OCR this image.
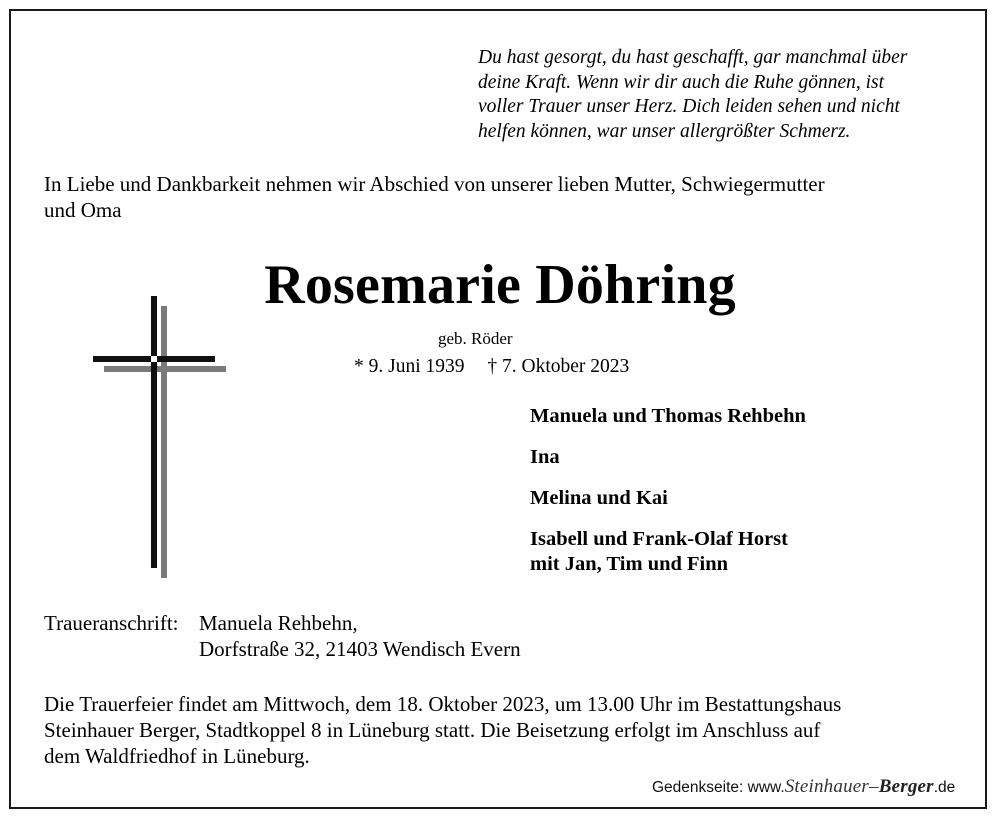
Du hast gesorgt, du hast geschafft, gar manchmal über
deine Kraft. Wenn wir dir auch die Ruhe gönnen, ist
voller Trauer unser Herz. Dich leiden sehen und nicht
helfen können, war unser allergrößter Schmerz.
In Liebe und Dankbarkeit nehmen wir Abschied von unserer lieben Mutter, Schwiegermutter
und Oma
Rosemarie Döhring
geb. Röder
* 9. Juni 1939 † 7. Oktober 2023
Manuela und Thomas Rehbehn
Ina
Melina und Kai
Isabell und Frank-Olaf Horst
mit Jan, Tim und Finn
Traueranschrift: Manuela Rehbehn,
Dorfstraße 32, 21403 Wendisch Evern
Die Trauerfeier findet am Mittwoch, dem 18. Oktober 2023, um 13.00 Uhr im Bestattungshaus
Steinhauer Berger, Stadtkoppel 8 in Lüneburg statt. Die Beisetzung erfolgt im Anschluss auf
dem Waldfriedhof in Lüneburg.
Gedenkseite: www.Steinhauer–Berger.de
